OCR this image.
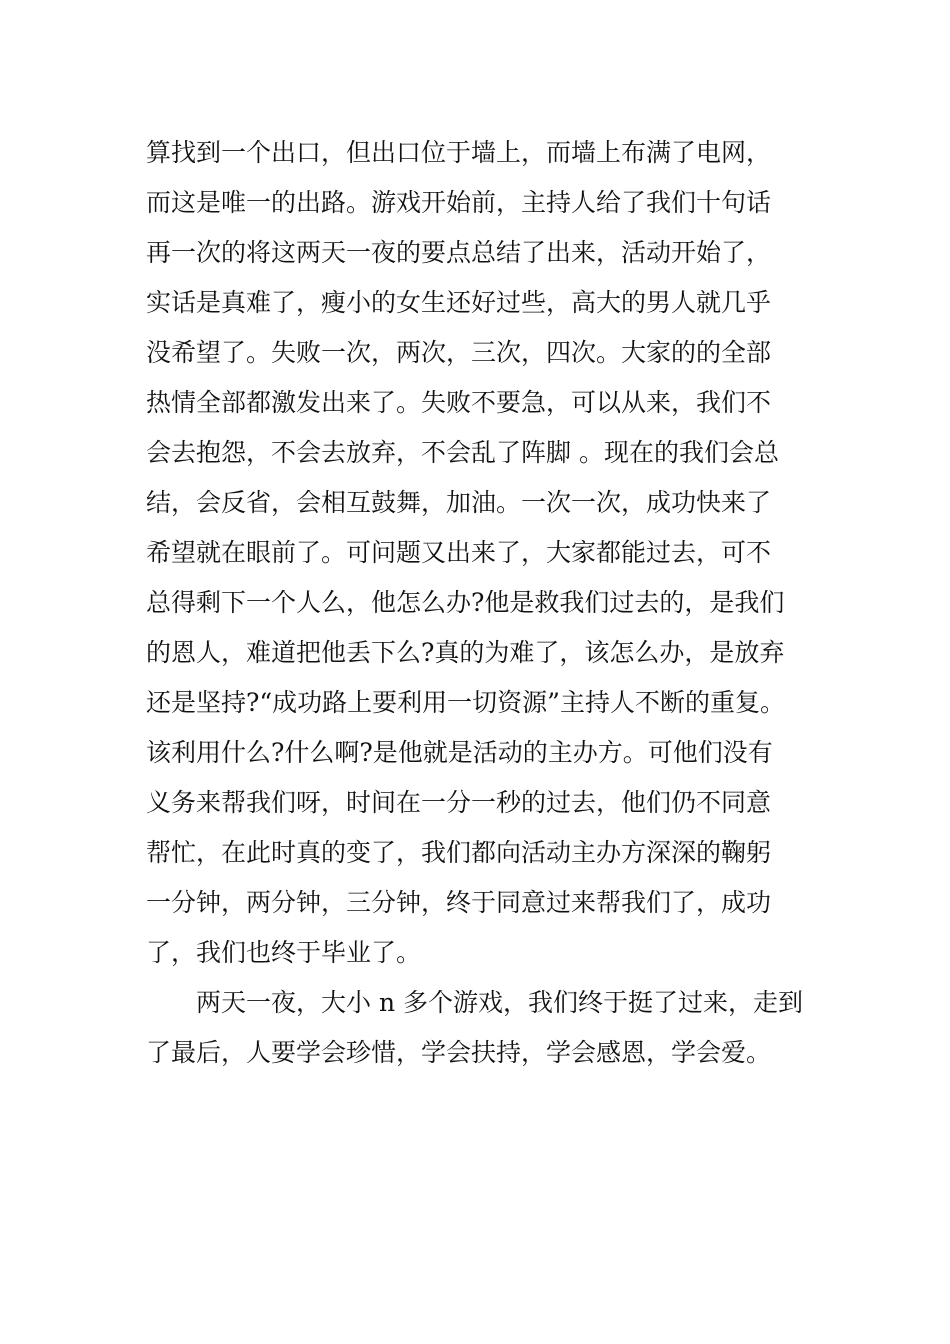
算找到一个出口，但出口位于墙上，而墙上布满了电网，
而这是唯一的出路。游戏开始前，主持人给了我们十句话
再一次的将这两天一夜的要点总结了出来，活动开始了，
实话是真难了，瘦小的女生还好过些，高大的男人就几乎
没希望了。失败一次，两次，三次，四次。大家的的全部
热情全部都激发出来了。失败不要急，可以从来，我们不
会去抱怨，不会去放弃，不会乱了阵脚 。现在的我们会总
结，会反省，会相互鼓舞，加油。一次一次，成功快来了
希望就在眼前了。可问题又出来了，大家都能过去，可不
总得剩下一个人么，他怎么办?他是救我们过去的，是我们
的恩人，难道把他丢下么?真的为难了，该怎么办，是放弃
还是坚持?“成功路上要利用一切资源”主持人不断的重复。
该利用什么?什么啊?是他就是活动的主办方。可他们没有
义务来帮我们呀，时间在一分一秒的过去，他们仍不同意
帮忙，在此时真的变了，我们都向活动主办方深深的鞠躬
一分钟，两分钟，三分钟，终于同意过来帮我们了，成功
了，我们也终于毕业了。
两天一夜，大小 n 多个游戏，我们终于挺了过来，走到
了最后，人要学会珍惜，学会扶持，学会感恩，学会爱。
